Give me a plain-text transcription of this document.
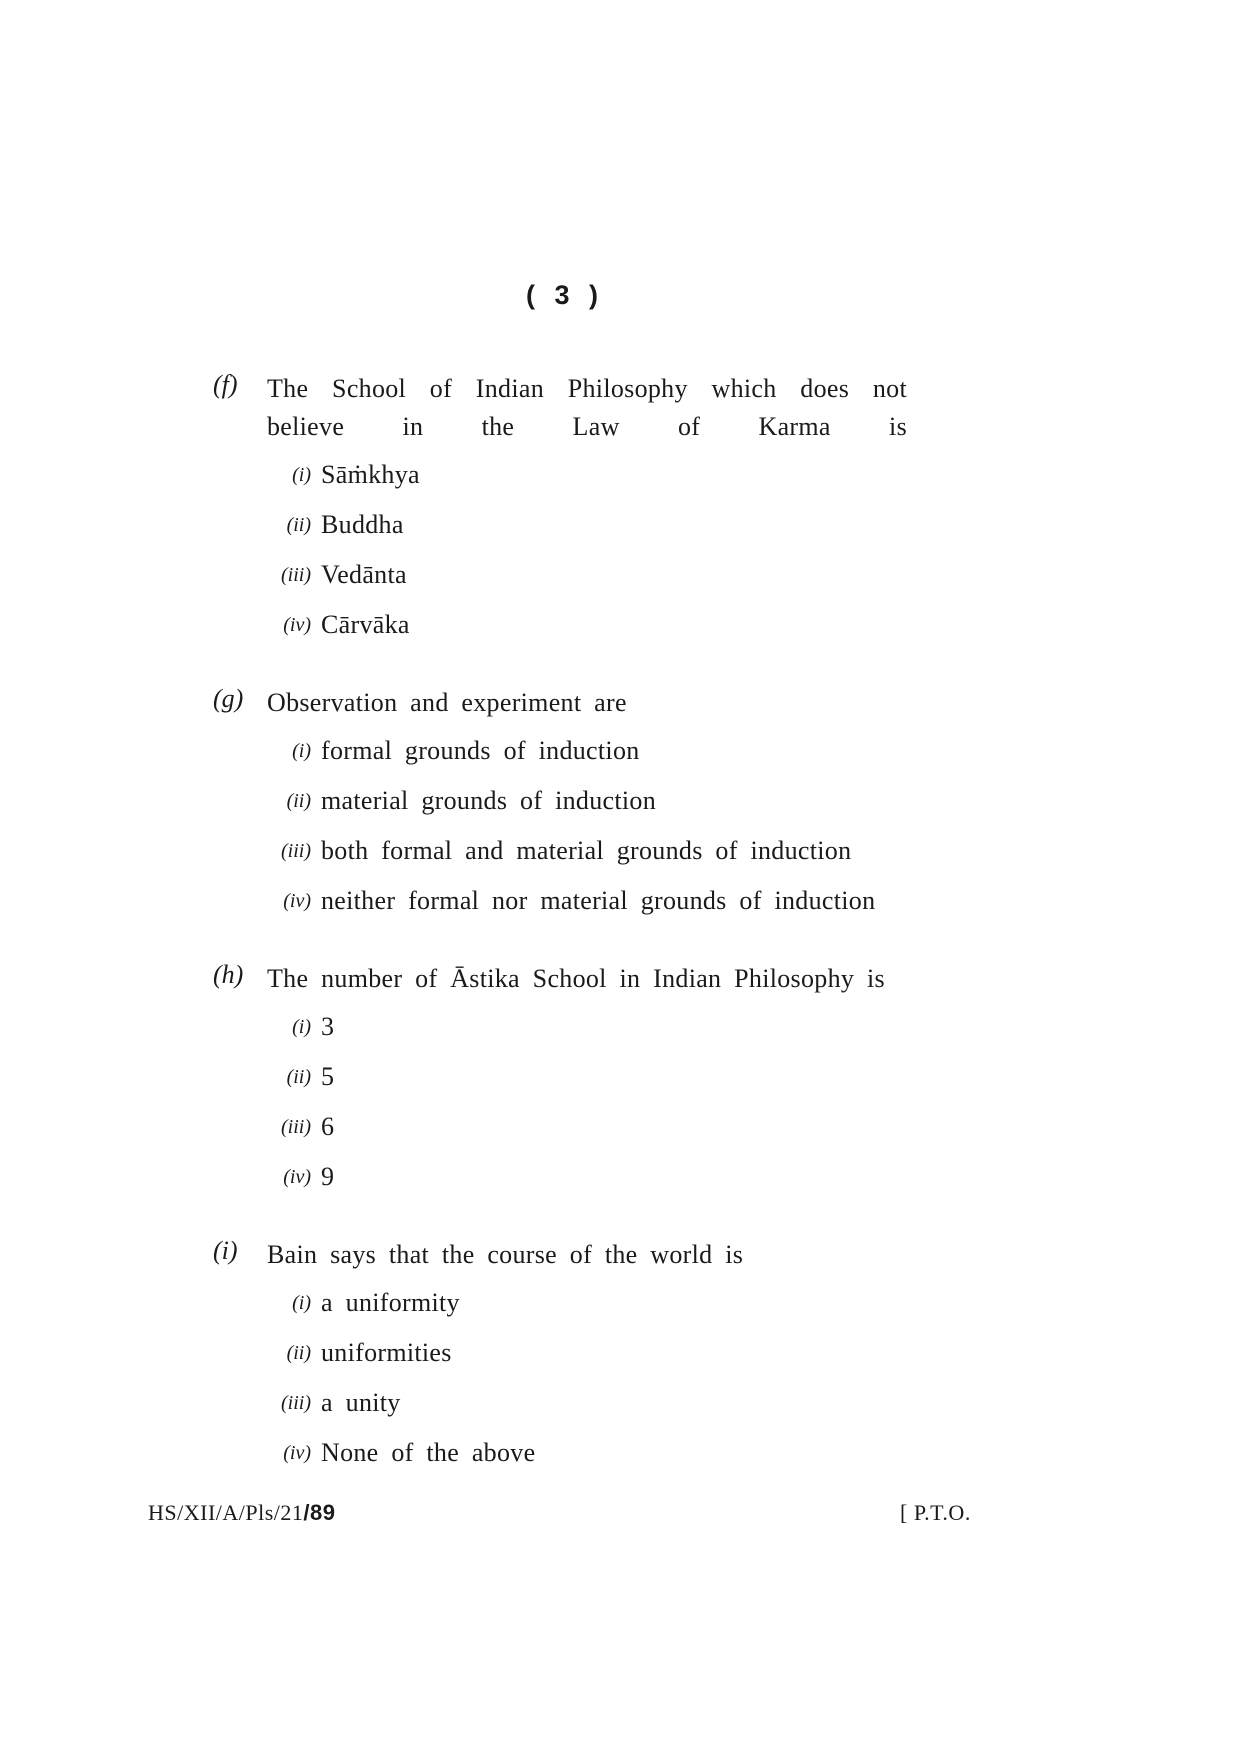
( 3 )
(f) The School of Indian Philosophy which does not believe in the Law of Karma is
(i) Sāṁkhya
(ii) Buddha
(iii) Vedānta
(iv) Cārvāka
(g) Observation and experiment are
(i) formal grounds of induction
(ii) material grounds of induction
(iii) both formal and material grounds of induction
(iv) neither formal nor material grounds of induction
(h) The number of Āstika School in Indian Philosophy is
(i) 3
(ii) 5
(iii) 6
(iv) 9
(i) Bain says that the course of the world is
(i) a uniformity
(ii) uniformities
(iii) a unity
(iv) None of the above
HS/XII/A/Pls/21/89	[ P.T.O.
